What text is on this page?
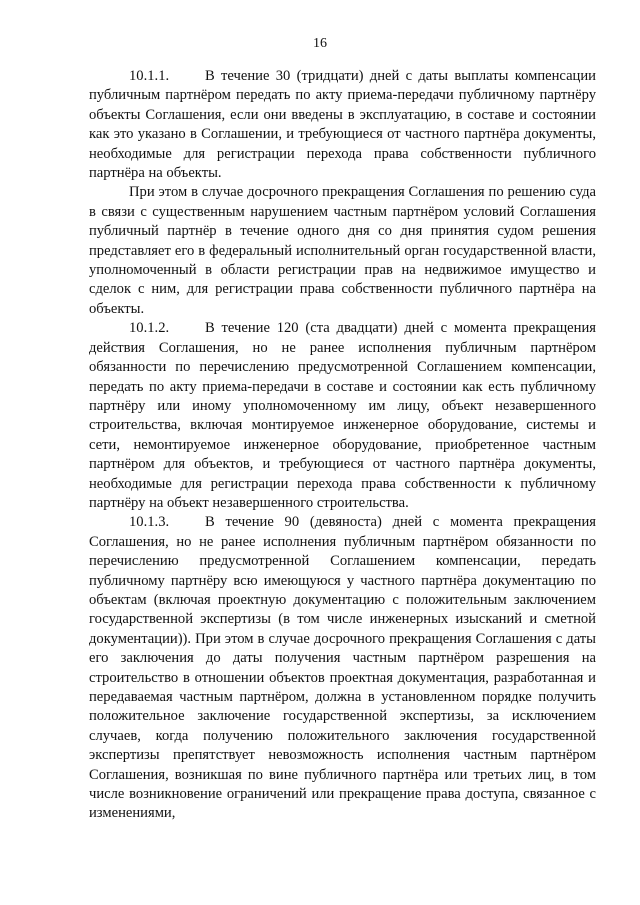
16

10.1.1. В течение 30 (тридцати) дней с даты выплаты компенсации публичным партнёром передать по акту приема-передачи публичному партнёру объекты Соглашения, если они введены в эксплуатацию, в составе и состоянии как это указано в Соглашении, и требующиеся от частного партнёра документы, необходимые для регистрации перехода права собственности публичного партнёра на объекты.

При этом в случае досрочного прекращения Соглашения по решению суда в связи с существенным нарушением частным партнёром условий Соглашения публичный партнёр в течение одного дня со дня принятия судом решения представляет его в федеральный исполнительный орган государственной власти, уполномоченный в области регистрации прав на недвижимое имущество и сделок с ним, для регистрации права собственности публичного партнёра на объекты.

10.1.2. В течение 120 (ста двадцати) дней с момента прекращения действия Соглашения, но не ранее исполнения публичным партнёром обязанности по перечислению предусмотренной Соглашением компенсации, передать по акту приема-передачи в составе и состоянии как есть публичному партнёру или иному уполномоченному им лицу, объект незавершенного строительства, включая монтируемое инженерное оборудование, системы и сети, немонтируемое инженерное оборудование, приобретенное частным партнёром для объектов, и требующиеся от частного партнёра документы, необходимые для регистрации перехода права собственности к публичному партнёру на объект незавершенного строительства.

10.1.3. В течение 90 (девяноста) дней с момента прекращения Соглашения, но не ранее исполнения публичным партнёром обязанности по перечислению предусмотренной Соглашением компенсации, передать публичному партнёру всю имеющуюся у частного партнёра документацию по объектам (включая проектную документацию с положительным заключением государственной экспертизы (в том числе инженерных изысканий и сметной документации)). При этом в случае досрочного прекращения Соглашения с даты его заключения до даты получения частным партнёром разрешения на строительство в отношении объектов проектная документация, разработанная и передаваемая частным партнёром, должна в установленном порядке получить положительное заключение государственной экспертизы, за исключением случаев, когда получению положительного заключения государственной экспертизы препятствует невозможность исполнения частным партнёром Соглашения, возникшая по вине публичного партнёра или третьих лиц, в том числе возникновение ограничений или прекращение права доступа, связанное с изменениями,
